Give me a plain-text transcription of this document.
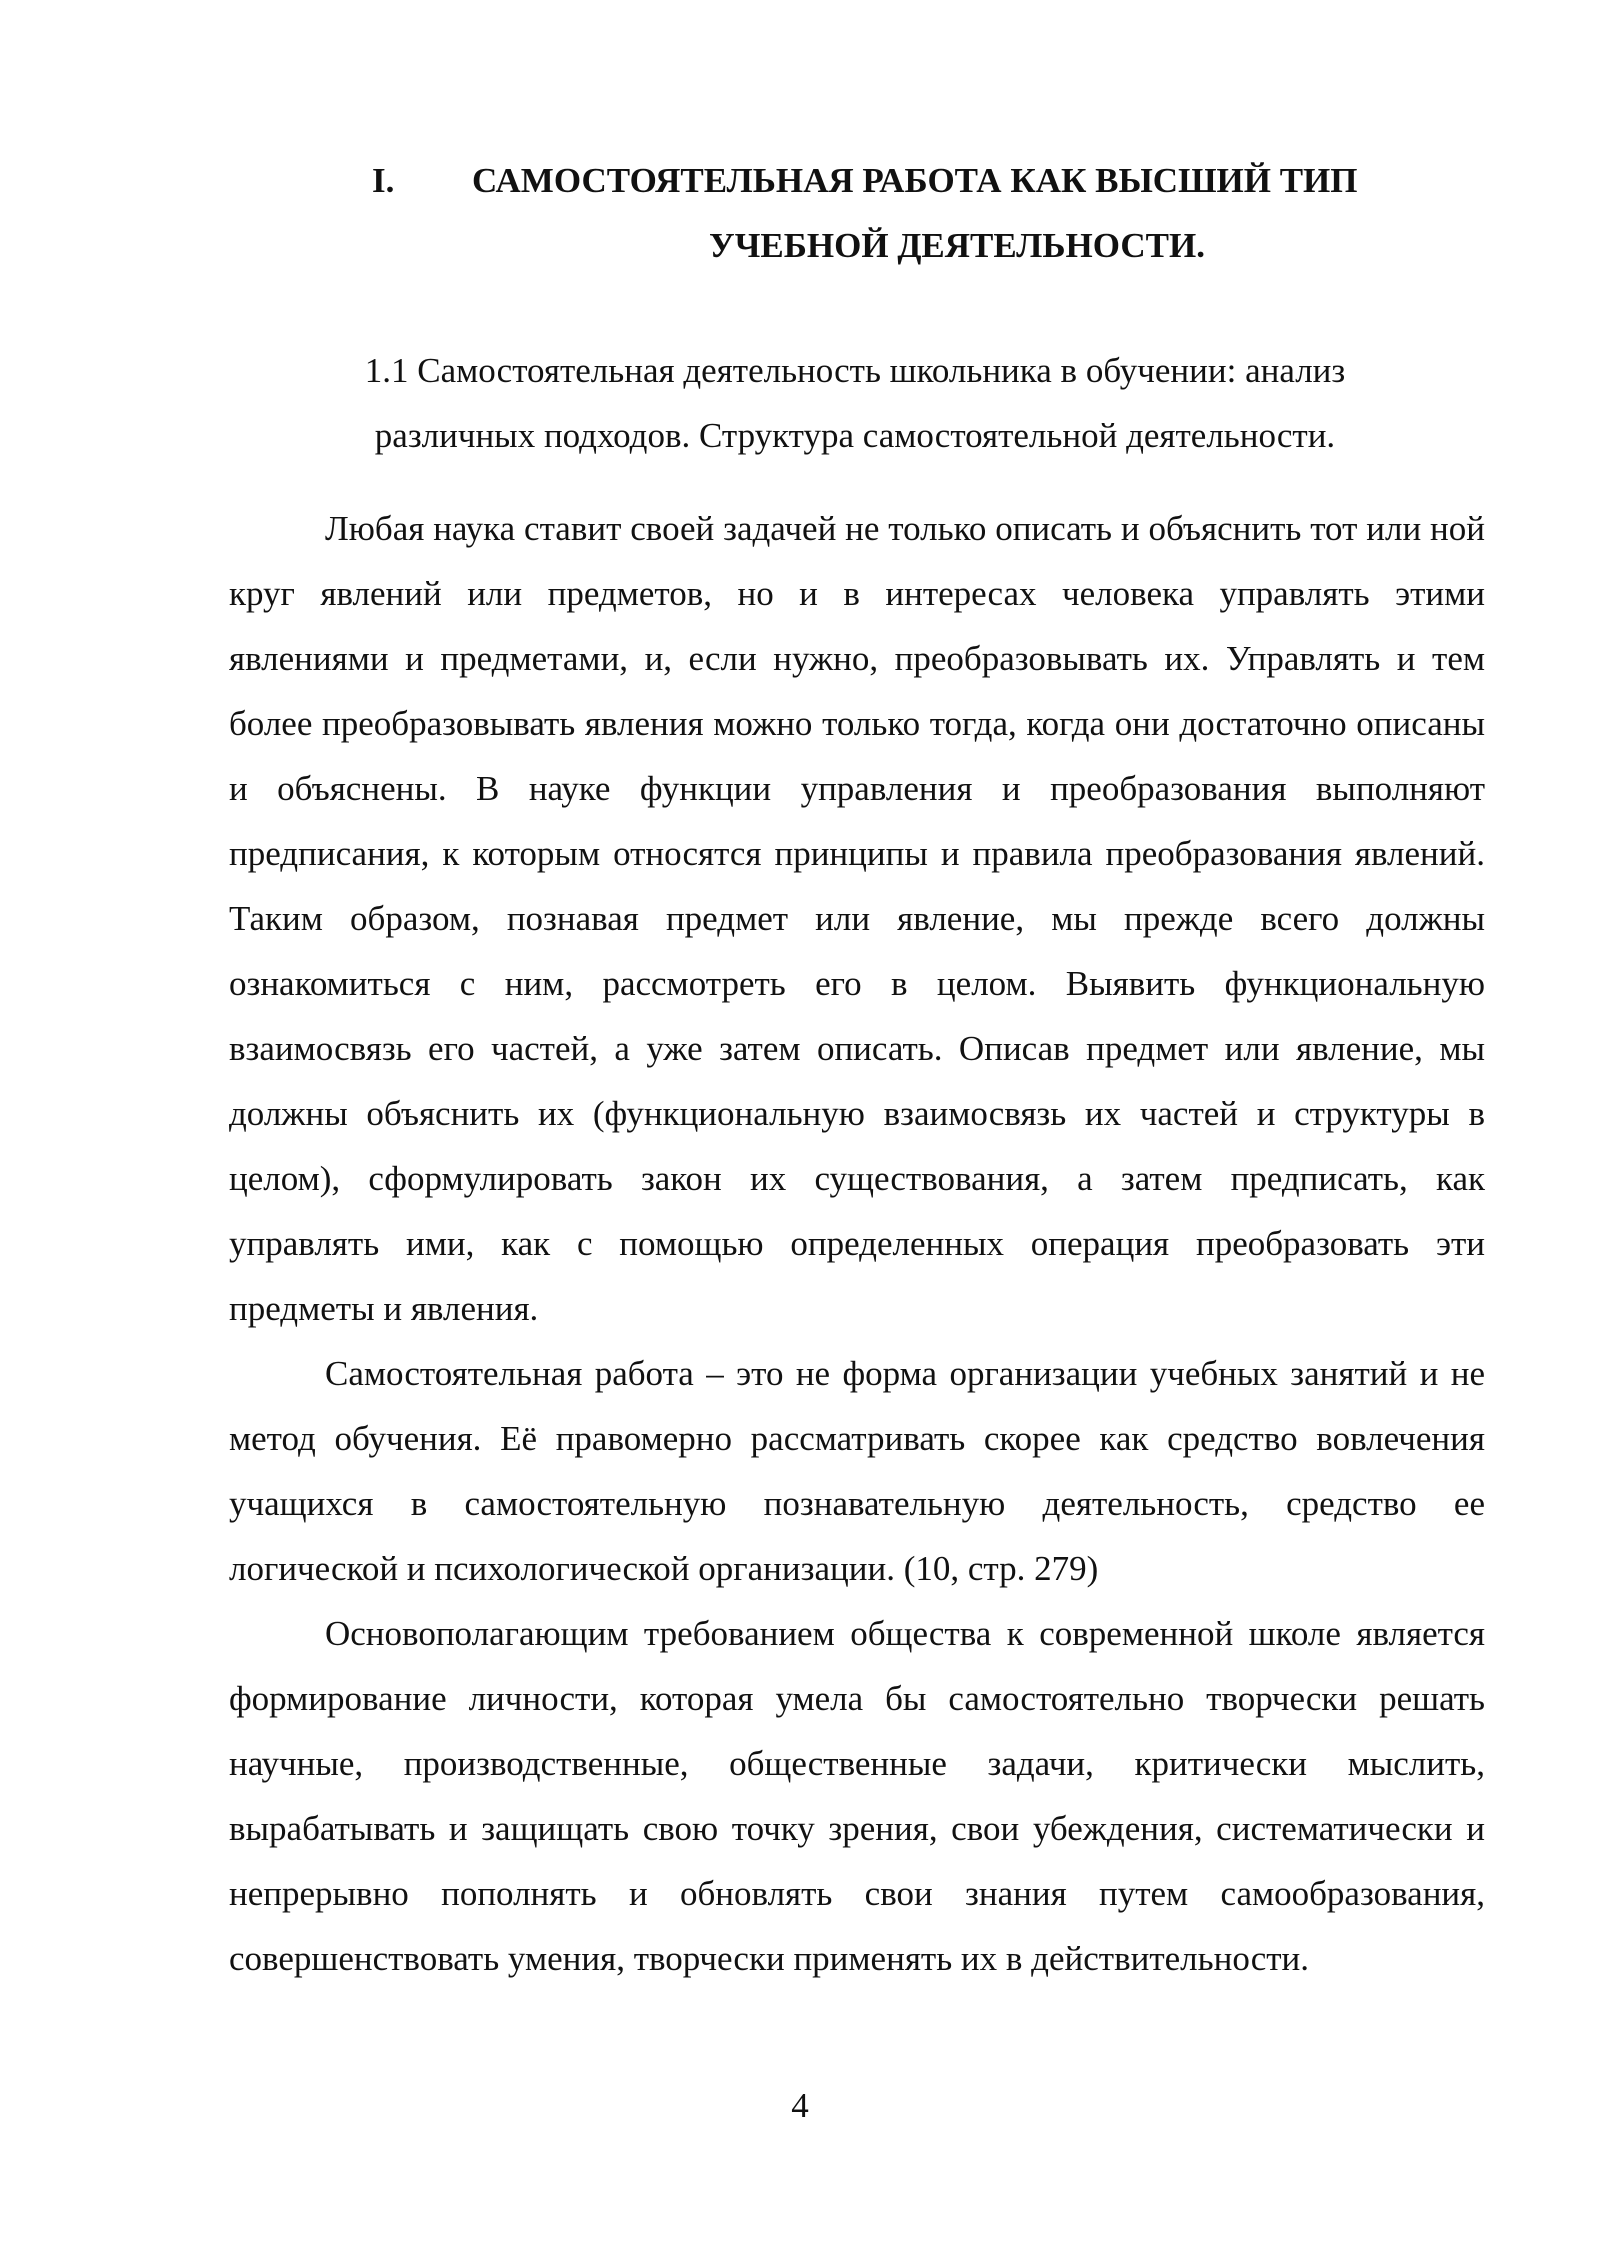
I.	САМОСТОЯТЕЛЬНАЯ РАБОТА КАК ВЫСШИЙ ТИП
УЧЕБНОЙ ДЕЯТЕЛЬНОСТИ.
1.1 Самостоятельная деятельность школьника в обучении: анализ
различных подходов. Структура самостоятельной деятельности.

Любая наука ставит своей задачей не только описать и объяснить тот или ной круг явлений или предметов, но и в интересах человека управлять этими явлениями и предметами, и, если нужно, преобразовывать их. Управлять и тем более преобразовывать явления можно только тогда, когда они достаточно описаны и объяснены. В науке функции управления и преобразования выполняют предписания, к которым относятся принципы и правила преобразования явлений. Таким образом, познавая предмет или явление, мы прежде всего должны ознакомиться с ним, рассмотреть его в целом. Выявить функциональную взаимосвязь его частей, а уже затем описать. Описав предмет или явление, мы должны объяснить их (функциональную взаимосвязь их частей и структуры в целом), сформулировать закон их существования, а затем предписать, как управлять ими, как с помощью определенных операция преобразовать эти предметы и явления.

Самостоятельная работа – это не форма организации учебных занятий и не метод обучения. Её правомерно рассматривать скорее как средство вовлечения учащихся в самостоятельную познавательную деятельность, средство ее логической и психологической организации. (10, стр. 279)

Основополагающим требованием общества к современной школе является формирование личности, которая умела бы самостоятельно творчески решать научные, производственные, общественные задачи, критически мыслить, вырабатывать и защищать свою точку зрения, свои убеждения, систематически и непрерывно пополнять и обновлять свои знания путем самообразования, совершенствовать умения, творчески применять их в действительности.

4
